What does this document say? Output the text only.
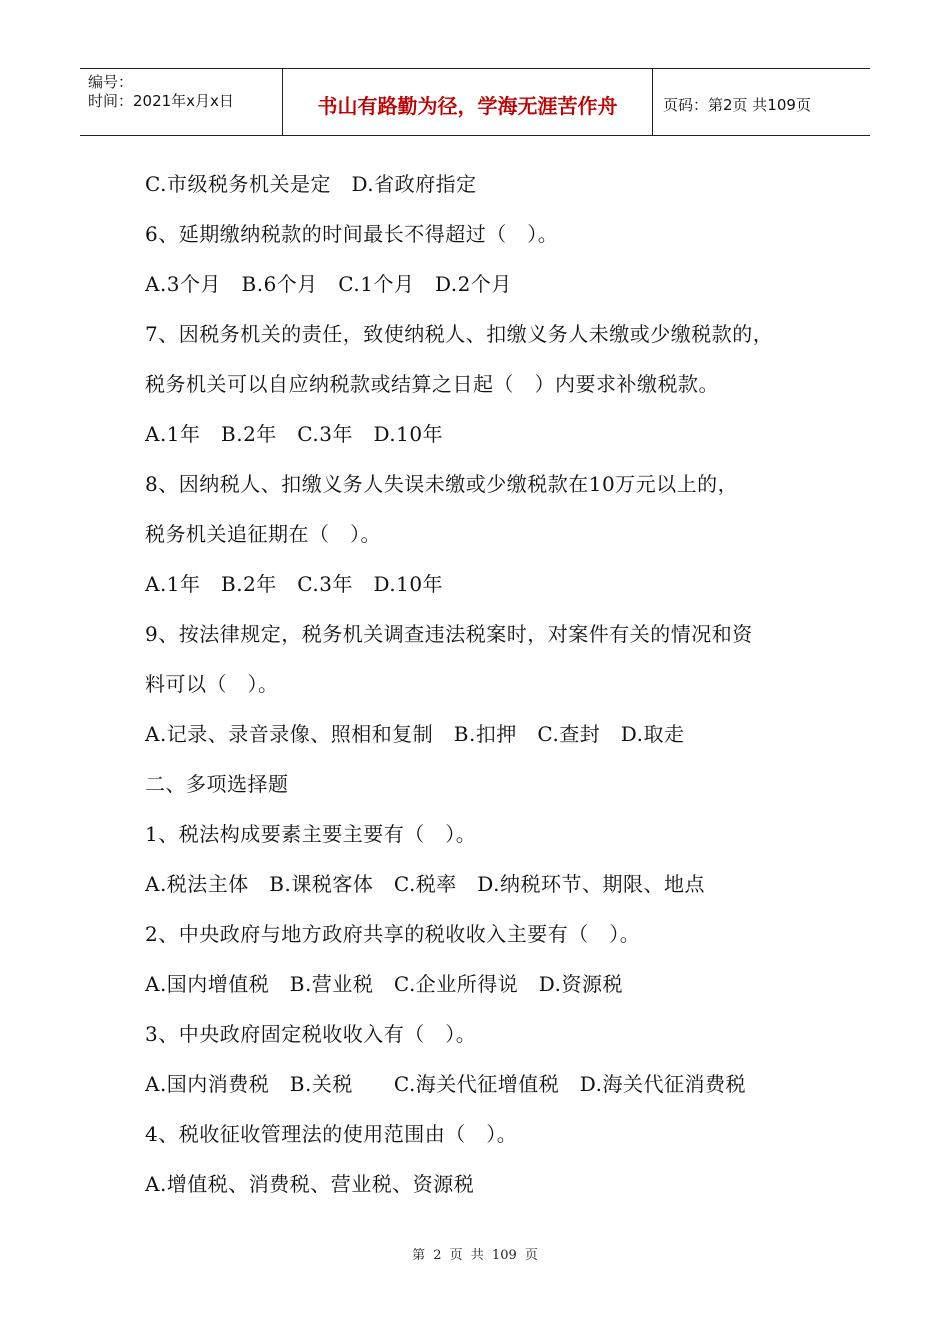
编号：
时间：2021年x月x日	书山有路勤为径，学海无涯苦作舟	页码：第2页 共109页
C.市级税务机关是定　D.省政府指定
6、延期缴纳税款的时间最长不得超过（　）。
A.3个月　B.6个月　C.1个月　D.2个月
7、因税务机关的责任，致使纳税人、扣缴义务人未缴或少缴税款的，
税务机关可以自应纳税款或结算之日起（　）内要求补缴税款。
A.1年　B.2年　C.3年　D.10年
8、因纳税人、扣缴义务人失误未缴或少缴税款在10万元以上的，
税务机关追征期在（　）。
A.1年　B.2年　C.3年　D.10年
9、按法律规定，税务机关调查违法税案时，对案件有关的情况和资
料可以（　）。
A.记录、录音录像、照相和复制　B.扣押　C.查封　D.取走
二、多项选择题
1、税法构成要素主要主要有（　）。
A.税法主体　B.课税客体　C.税率　D.纳税环节、期限、地点
2、中央政府与地方政府共享的税收收入主要有（　）。
A.国内增值税　B.营业税　C.企业所得说　D.资源税
3、中央政府固定税收收入有（　）。
A.国内消费税　B.关税　　C.海关代征增值税　D.海关代征消费税
4、税收征收管理法的使用范围由（　）。
A.增值税、消费税、营业税、资源税
第 2 页 共 109 页
